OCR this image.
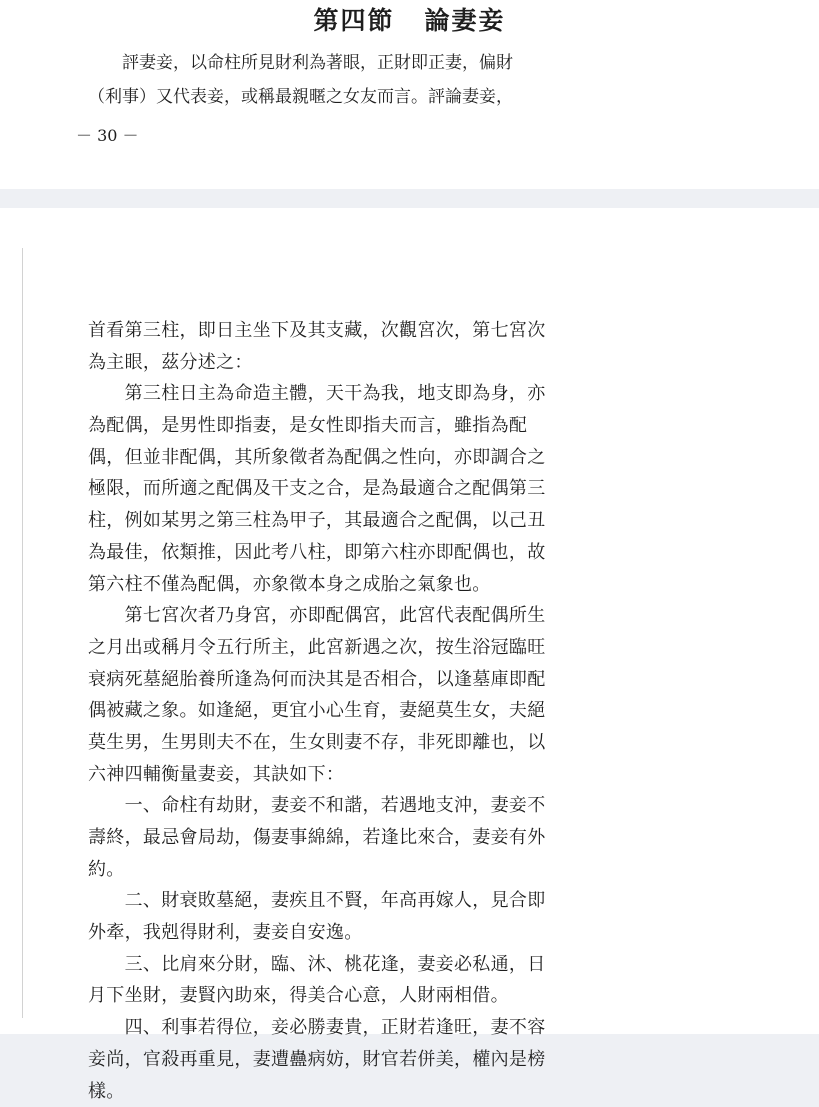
第四節 論妻妾
　　評妻妾，以命柱所見財利為著眼，正財即正妻，偏財
（利事）又代表妾，或稱最親暱之女友而言。評論妻妾，
－ 30 －
首看第三柱，即日主坐下及其支藏，次觀宮次，第七宮次
為主眼，茲分述之：
　　第三柱日主為命造主體，天干為我，地支即為身，亦
為配偶，是男性即指妻，是女性即指夫而言，雖指為配
偶，但並非配偶，其所象徵者為配偶之性向，亦即調合之
極限，而所適之配偶及干支之合，是為最適合之配偶第三
柱，例如某男之第三柱為甲子，其最適合之配偶，以己丑
為最佳，依類推，因此考八柱，即第六柱亦即配偶也，故
第六柱不僅為配偶，亦象徵本身之成胎之氣象也。
　　第七宮次者乃身宮，亦即配偶宮，此宮代表配偶所生
之月出或稱月令五行所主，此宮新遇之次，按生浴冠臨旺
衰病死墓絕胎養所逢為何而決其是否相合，以逢墓庫即配
偶被藏之象。如逢絕，更宜小心生育，妻絕莫生女，夫絕
莫生男，生男則夫不在，生女則妻不存，非死即離也，以
六神四輔衡量妻妾，其訣如下：
　　一、命柱有劫財，妻妾不和諧，若遇地支沖，妻妾不
壽終，最忌會局劫，傷妻事綿綿，若逢比來合，妻妾有外
約。
　　二、財衰敗墓絕，妻疾且不賢，年高再嫁人，見合即
外牽，我剋得財利，妻妾自安逸。
　　三、比肩來分財，臨、沐、桃花逢，妻妾必私通，日
月下坐財，妻賢內助來，得美合心意，人財兩相借。
　　四、利事若得位，妾必勝妻貴，正財若逢旺，妻不容
妾尚，官殺再重見，妻遭蠱病妨，財官若併美，權內是榜
樣。
